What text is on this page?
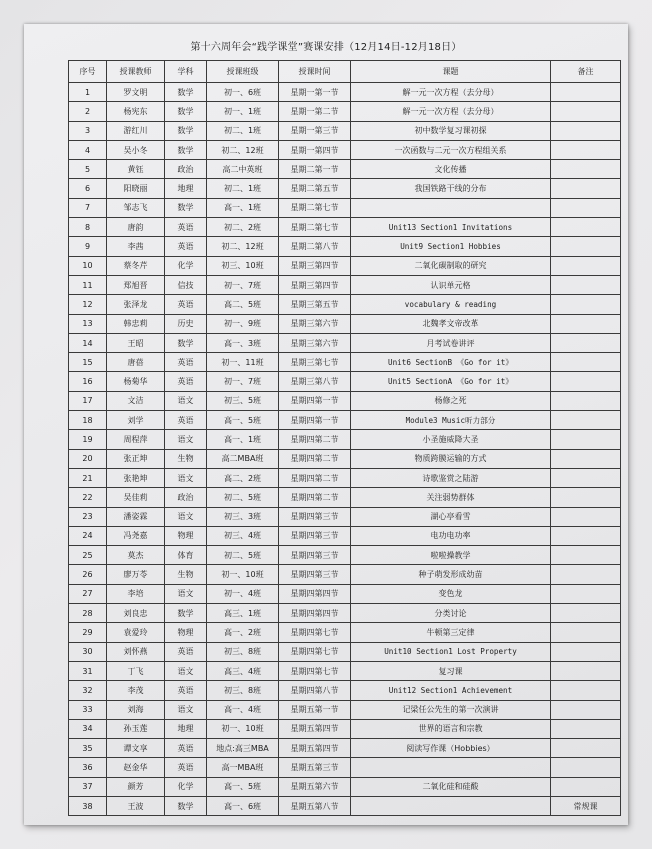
第十六周年会“践学课堂”赛课安排（12月14日-12月18日）
序号	授课教师	学科	授课班级	授课时间	课题	备注
1	罗文明	数学	初一、6班	星期一第一节	解一元一次方程（去分母）	
2	杨宪东	数学	初一、1班	星期一第二节	解一元一次方程（去分母）	
3	游红川	数学	初二、1班	星期一第三节	初中数学复习课初探	
4	吴小冬	数学	初二、12班	星期一第四节	一次函数与二元一次方程组关系	
5	黄钰	政治	高二中英班	星期二第一节	文化传播	
6	阳晓丽	地理	初二、1班	星期二第五节	我国铁路干线的分布	
7	邹志飞	数学	高一、1班	星期二第七节		
8	唐韵	英语	初二、2班	星期二第七节	Unit13 Section1 Invitations	
9	李茜	英语	初二、12班	星期二第八节	Unit9 Section1 Hobbies	
10	蔡冬芹	化学	初三、10班	星期三第四节	二氧化碳制取的研究	
11	郑旭晋	信技	初一、7班	星期三第四节	认识单元格	
12	张泽龙	英语	高二、5班	星期三第五节	vocabulary & reading	
13	韩忠莉	历史	初一、9班	星期三第六节	北魏孝文帝改革	
14	王昭	数学	高一、3班	星期三第六节	月考试卷讲评	
15	唐蓓	英语	初一、11班	星期三第七节	Unit6 SectionB 《Go for it》	
16	杨菊华	英语	初一、7班	星期三第八节	Unit5 SectionA 《Go for it》	
17	文洁	语文	初三、5班	星期四第一节	杨修之死	
18	刘学	英语	高一、5班	星期四第一节	Module3 Music听力部分	
19	周程萍	语文	高一、1班	星期四第二节	小圣施威降大圣	
20	张正坤	生物	高二MBA班	星期四第二节	物质跨膜运输的方式	
21	张艳坤	语文	高二、2班	星期四第二节	诗歌鉴赏之陆游	
22	吴佳莉	政治	初二、5班	星期四第二节	关注弱势群体	
23	潘姿霖	语文	初三、3班	星期四第三节	湖心亭看雪	
24	冯尧嘉	物理	初三、4班	星期四第三节	电功电功率	
25	莫杰	体育	初二、5班	星期四第三节	啦啦操教学	
26	廖万苓	生物	初一、10班	星期四第三节	种子萌发形成幼苗	
27	李培	语文	初一、4班	星期四第四节	变色龙	
28	刘良忠	数学	高三、1班	星期四第四节	分类讨论	
29	袁爱玲	物理	高一、2班	星期四第七节	牛顿第三定律	
30	刘怀燕	英语	初三、8班	星期四第七节	Unit10 Section1 Lost Property	
31	丁飞	语文	高三、4班	星期四第七节	复习课	
32	李茂	英语	初三、8班	星期四第八节	Unit12 Section1 Achievement	
33	刘海	语文	高一、4班	星期五第一节	记梁任公先生的第一次演讲	
34	孙玉莲	地理	初一、10班	星期五第四节	世界的语言和宗教	
35	谭文享	英语	地点:高三MBA	星期五第四节	阅读写作课（Hobbies）	
36	赵金华	英语	高一MBA班	星期五第三节		
37	颜芳	化学	高一、5班	星期五第六节	二氧化硅和硅酸	
38	王波	数学	高一、6班	星期五第八节		常规课
